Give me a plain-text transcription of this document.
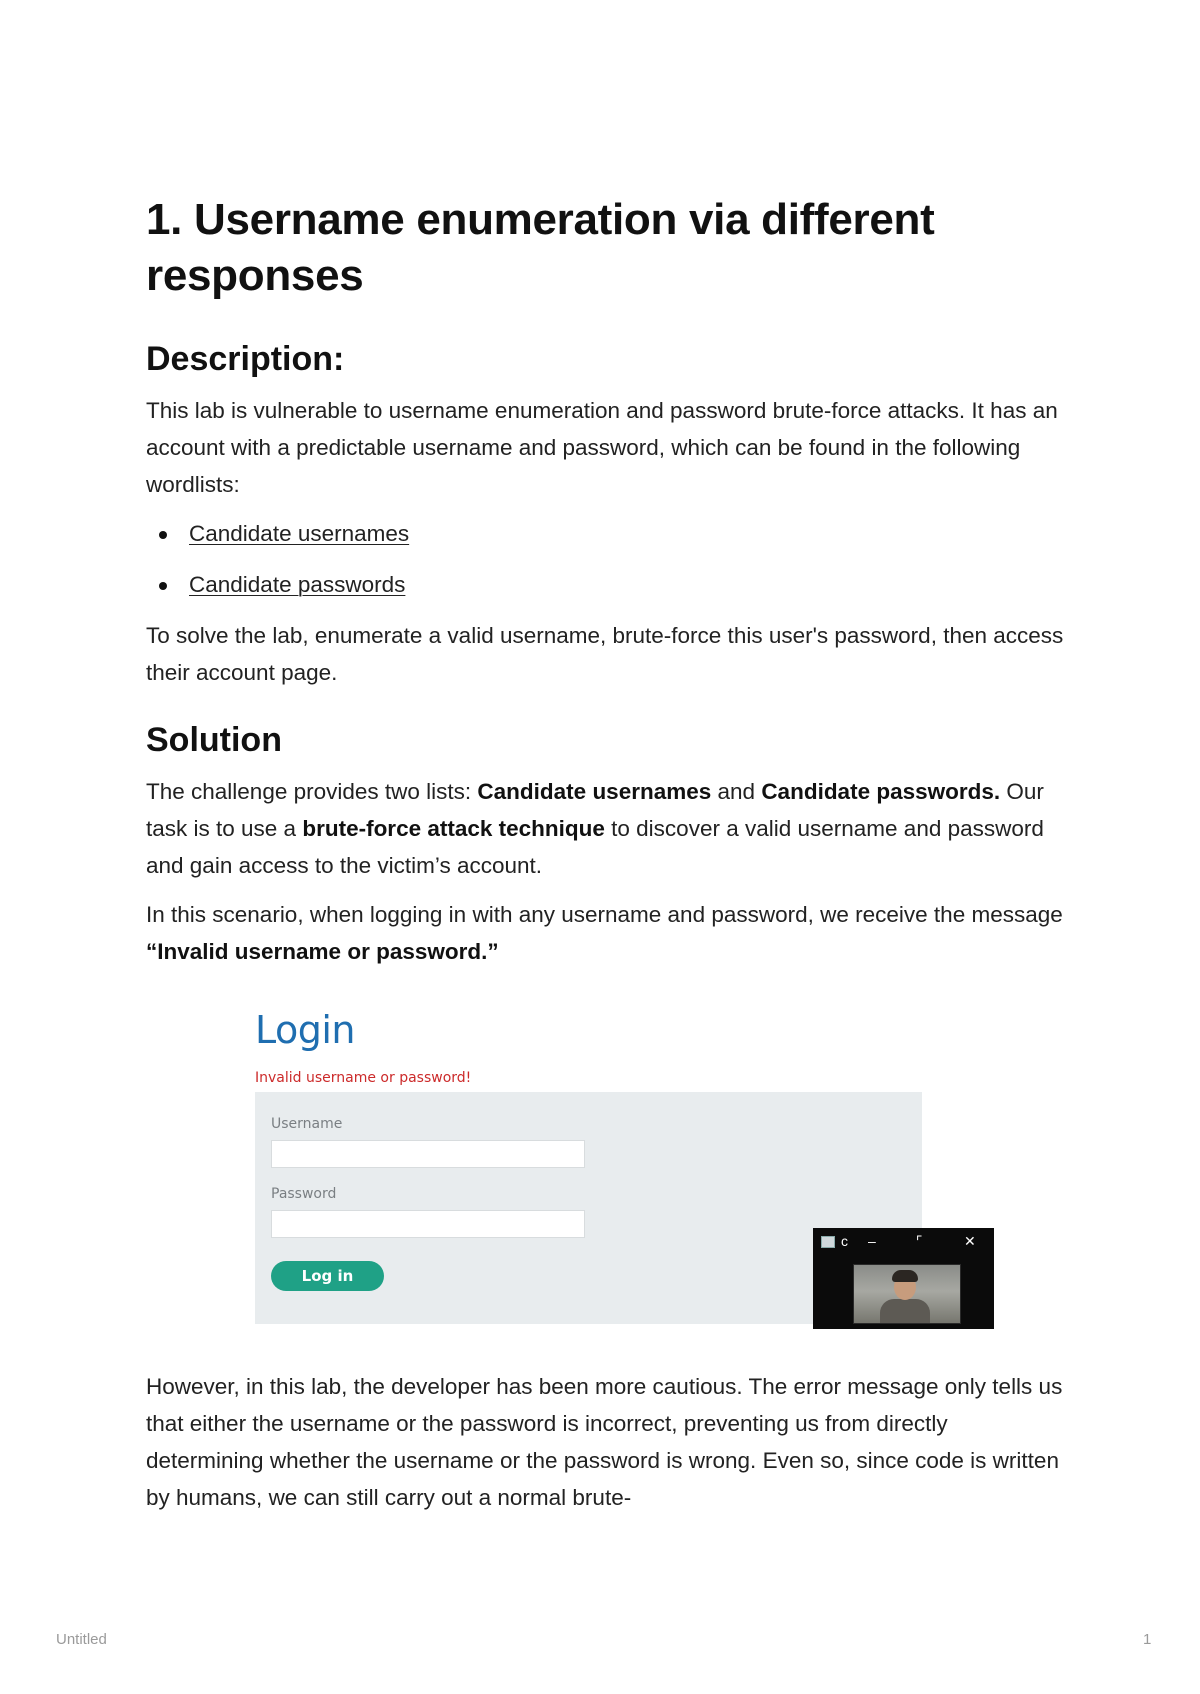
1. Username enumeration via different responses
Description:

This lab is vulnerable to username enumeration and password brute-force attacks. It has an account with a predictable username and password, which can be found in the following wordlists:

Candidate usernames
Candidate passwords

To solve the lab, enumerate a valid username, brute-force this user's password, then access their account page.

Solution

The challenge provides two lists: Candidate usernames and Candidate passwords. Our task is to use a brute-force attack technique to discover a valid username and password and gain access to the victim’s account.

In this scenario, when logging in with any username and password, we receive the message “Invalid username or password.”

Login
Invalid username or password!
Username
Password
Log in
c –	⌜	✕

However, in this lab, the developer has been more cautious. The error message only tells us that either the username or the password is incorrect, preventing us from directly determining whether the username or the password is wrong. Even so, since code is written by humans, we can still carry out a normal brute-

Untitled	1
